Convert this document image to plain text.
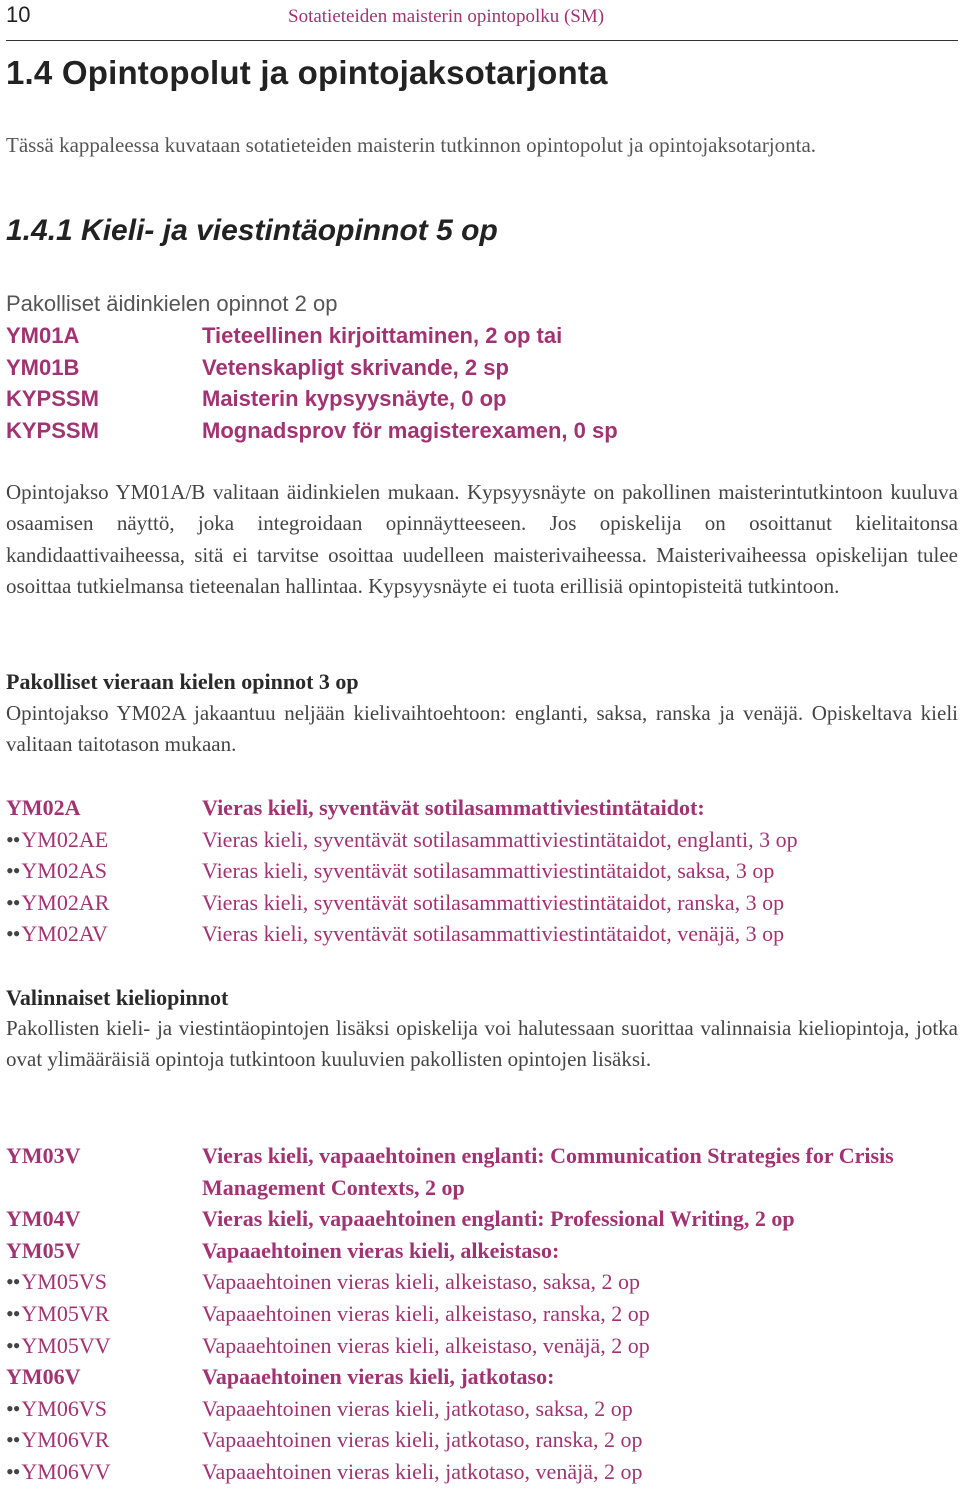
10	Sotatieteiden maisterin opintopolku (SM)
1.4 Opintopolut ja opintojaksotarjonta

Tässä kappaleessa kuvataan sotatieteiden maisterin tutkinnon opintopolut ja opintojaksotarjonta.

1.4.1 Kieli- ja viestintäopinnot 5 op
Pakolliset äidinkielen opinnot 2 op
YM01A	Tieteellinen kirjoittaminen, 2 op tai
YM01B	Vetenskapligt skrivande, 2 sp
KYPSSM	Maisterin kypsyysnäyte, 0 op
KYPSSM	Mognadsprov för magisterexamen, 0 sp

Opintojakso YM01A/B valitaan äidinkielen mukaan. Kypsyysnäyte on pakollinen maisterintutkintoon kuuluva osaamisen näyttö, joka integroidaan opinnäytteeseen. Jos opiskelija on osoittanut kielitaitonsa kandidaattivaiheessa, sitä ei tarvitse osoittaa uudelleen maisterivaiheessa. Maisterivaiheessa opiskelijan tulee osoittaa tutkielmansa tieteenalan hallintaa. Kypsyysnäyte ei tuota erillisiä opintopisteitä tutkintoon.

Pakolliset vieraan kielen opinnot 3 op

Opintojakso YM02A jakaantuu neljään kielivaihtoehtoon: englanti, saksa, ranska ja venäjä. Opiskeltava kieli valitaan taitotason mukaan.

YM02A	Vieras kieli, syventävät sotilasammattiviestintätaidot:
••YM02AE	Vieras kieli, syventävät sotilasammattiviestintätaidot, englanti, 3 op
••YM02AS	Vieras kieli, syventävät sotilasammattiviestintätaidot, saksa, 3 op
••YM02AR	Vieras kieli, syventävät sotilasammattiviestintätaidot, ranska, 3 op
••YM02AV	Vieras kieli, syventävät sotilasammattiviestintätaidot, venäjä, 3 op
Valinnaiset kieliopinnot

Pakollisten kieli- ja viestintäopintojen lisäksi opiskelija voi halutessaan suorittaa valinnaisia kieliopintoja, jotka ovat ylimääräisiä opintoja tutkintoon kuuluvien pakollisten opintojen lisäksi.

YM03V	Vieras kieli, vapaaehtoinen englanti: Communication Strategies for Crisis Management Contexts, 2 op
YM04V	Vieras kieli, vapaaehtoinen englanti: Professional Writing, 2 op
YM05V	Vapaaehtoinen vieras kieli, alkeistaso:
••YM05VS	Vapaaehtoinen vieras kieli, alkeistaso, saksa, 2 op
••YM05VR	Vapaaehtoinen vieras kieli, alkeistaso, ranska, 2 op
••YM05VV	Vapaaehtoinen vieras kieli, alkeistaso, venäjä, 2 op
YM06V	Vapaaehtoinen vieras kieli, jatkotaso:
••YM06VS	Vapaaehtoinen vieras kieli, jatkotaso, saksa, 2 op
••YM06VR	Vapaaehtoinen vieras kieli, jatkotaso, ranska, 2 op
••YM06VV	Vapaaehtoinen vieras kieli, jatkotaso, venäjä, 2 op
